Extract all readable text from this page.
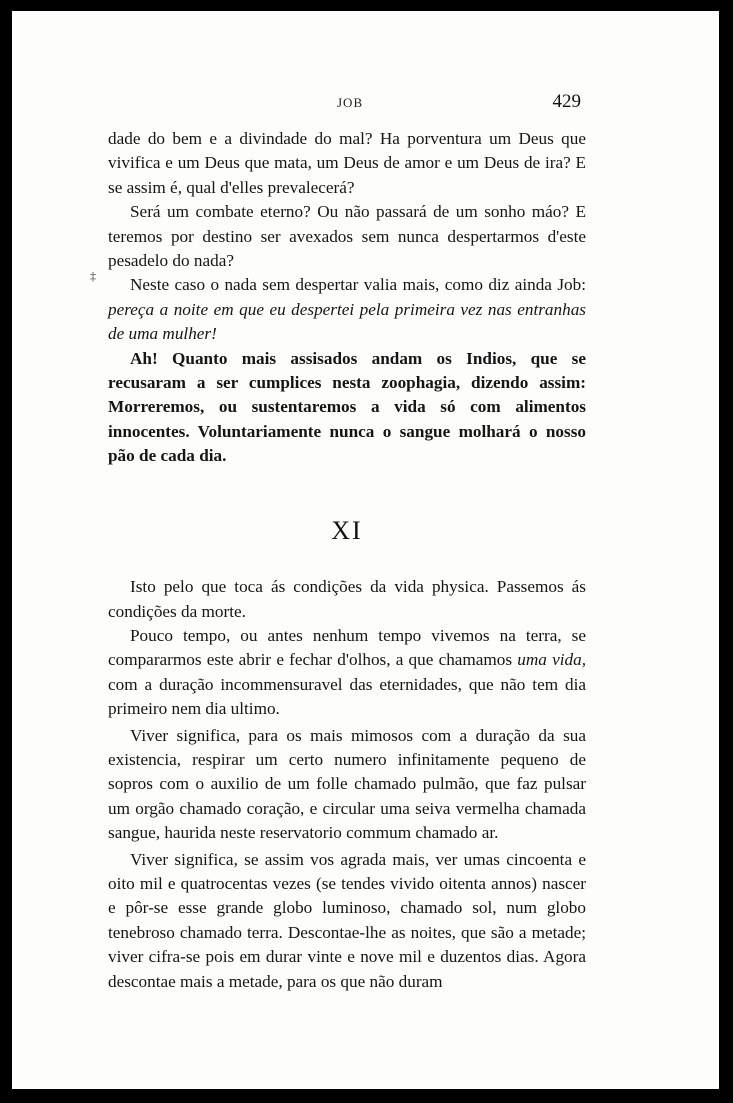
JOB	429
‡

dade do bem e a divindade do mal? Ha porventura um Deus que vivifica e um Deus que mata, um Deus de amor e um Deus de ira? E se assim é, qual d'elles prevalecerá?

Será um combate eterno? Ou não passará de um sonho máo? E teremos por destino ser avexados sem nunca despertarmos d'este pesadelo do nada?

Neste caso o nada sem despertar valia mais, como diz ainda Job: pereça a noite em que eu despertei pela primeira vez nas entranhas de uma mulher!

Ah! Quanto mais assisados andam os Indios, que se recusaram a ser cumplices nesta zoophagia, dizendo assim: Morreremos, ou sustentaremos a vida só com alimentos innocentes. Voluntariamente nunca o sangue molhará o nosso pão de cada dia.

XI

Isto pelo que toca ás condições da vida physica. Passemos ás condições da morte.

Pouco tempo, ou antes nenhum tempo vivemos na terra, se compararmos este abrir e fechar d'olhos, a que chamamos uma vida, com a duração incommensuravel das eternidades, que não tem dia primeiro nem dia ultimo.

Viver significa, para os mais mimosos com a duração da sua existencia, respirar um certo numero infinitamente pequeno de sopros com o auxilio de um folle chamado pulmão, que faz pulsar um orgão chamado coração, e circular uma seiva vermelha chamada sangue, haurida neste reservatorio commum chamado ar.

Viver significa, se assim vos agrada mais, ver umas cincoenta e oito mil e quatrocentas vezes (se tendes vivido oitenta annos) nascer e pôr-se esse grande globo luminoso, chamado sol, num globo tenebroso chamado terra. Descontae-lhe as noites, que são a metade; viver cifra-se pois em durar vinte e nove mil e duzentos dias. Agora descontae mais a metade, para os que não duram
